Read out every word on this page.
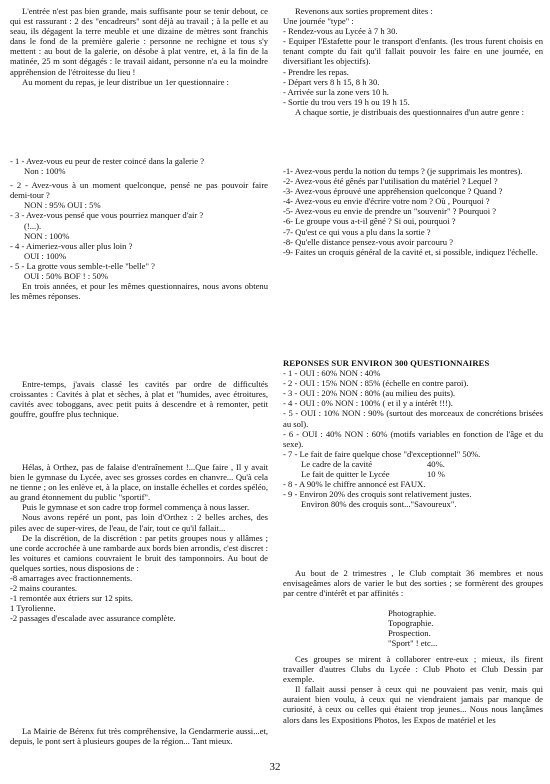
L'entrée n'est pas bien grande, mais suffisante pour se tenir debout, ce qui est rassurant : 2 des "encadreurs" sont déjà au travail ; à la pelle et au seau, ils dégagent la terre meuble et une dizaine de mètres sont franchis dans le fond de la première galerie : personne ne rechigne et tous s'y mettent : au bout de la galerie, on désobe à plat ventre, et, à la fin de la matinée, 25 m sont dégagés : le travail aidant, personne n'a eu la moindre appréhension de l'étroitesse du lieu !

Au moment du repas, je leur distribue un 1er questionnaire :

- 1 - Avez-vous eu peur de rester coincé dans la galerie ?

Non : 100%

- 2 - Avez-vous à un moment quelconque, pensé ne pas pouvoir faire demi-tour ?

NON : 95% OUI : 5%

- 3 - Avez-vous pensé que vous pourriez manquer d'air ?

(!...).

NON : 100%

- 4 - Aimeriez-vous aller plus loin ?

OUI : 100%

- 5 - La grotte vous semble-t-elle "belle" ?

OUI : 50% BOF ! : 50%

En trois années, et pour les mêmes questionnaires, nous avons obtenu les mêmes réponses.

Entre-temps, j'avais classé les cavités par ordre de difficultés croissantes : Cavités à plat et sèches, à plat et "humides, avec étroitures, cavités avec toboggans, avec petit puits à descendre et à remonter, petit gouffre, gouffre plus technique.

Hélas, à Orthez, pas de falaise d'entraînement !...Que faire , Il y avait bien le gymnase du Lycée, avec ses grosses cordes en chanvre... Qu'à cela ne tienne ; on les enlève et, à la place, on installe échelles et cordes spéléo, au grand étonnement du public "sportif".

Puis le gymnase et son cadre trop formel commença à nous lasser.

Nous avons repéré un pont, pas loin d'Orthez : 2 belles arches, des piles avec de super-vires, de l'eau, de l'air, tout ce qu'il fallait...

De la discrétion, de la discrétion : par petits groupes nous y allâmes ; une corde accrochée à une rambarde aux bords bien arrondis, c'est discret : les voitures et camions couvraient le bruit des tamponnoirs. Au bout de quelques sorties, nous disposions de :

-8 amarrages avec fractionnements.

-2 mains courantes.

-1 remontée aux étriers sur 12 spits.

1 Tyrolienne.

-2 passages d'escalade avec assurance complète.

La Mairie de Bérenx fut très compréhensive, la Gendarmerie aussi...et, depuis, le pont sert à plusieurs goupes de la région... Tant mieux.

Revenons aux sorties proprement dites :

Une journée "type" :

- Rendez-vous au Lycée à 7 h 30.

- Equiper l'Estafette pour le transport d'enfants. (les trous furent choisis en tenant compte du fait qu'il fallait pouvoir les faire en une journée, en diversifiant les objectifs).

- Prendre les repas.

- Départ vers 8 h 15, 8 h 30.

- Arrivée sur la zone vers 10 h.

- Sortie du trou vers 19 h ou 19 h 15.

A chaque sortie, je distribuais des questionnaires d'un autre genre :

-1- Avez-vous perdu la notion du temps ? (je supprimais les montres).

-2- Avez-vous été gênés par l'utilisation du matériel ? Lequel ?

-3- Avez-vous éprouvé une appréhension quelconque ? Quand ?

-4- Avez-vous eu envie d'écrire votre nom ? Où , Pourquoi ?

-5- Avez-vous eu envie de prendre un "souvenir" ? Pourquoi ?

-6- Le groupe vous a-t-il gêné ? Si oui, pourquoi ?

-7- Qu'est ce qui vous a plu dans la sortie ?

-8- Qu'elle distance pensez-vous avoir parcouru ?

-9- Faites un croquis général de la cavité et, si possible, indiquez l'échelle.

REPONSES SUR ENVIRON 300 QUESTIONNAIRES

- 1 - OUI : 60% NON : 40%

- 2 - OUI : 15% NON : 85% (échelle en contre paroi).

- 3 - OUI : 20% NON : 80% (au milieu des puits).

- 4 - OUI : 0% NON : 100% ( et il y a intérêt !!!).

- 5 - OUI : 10% NON : 90% (surtout des morceaux de concrétions brisées au sol).

- 6 - OUI : 40% NON : 60% (motifs variables en fonction de l'âge et du sexe).

- 7 - Le fait de faire quelque chose "d'exceptionnel" 50%.

Le cadre de la cavité	40%.
Le fait de quitter le Lycée	10 %

- 8 - A 90% le chiffre annoncé est FAUX.

- 9 - Environ 20% des croquis sont relativement justes.

Environ 80% des croquis sont..."Savoureux".

Au bout de 2 trimestres , le Club comptait 36 membres et nous envisageâmes alors de varier le but des sorties ; se formèrent des groupes par centre d'intérêt et par affinités :

Photographie.

Topographie.

Prospection.

"Sport" ! etc...

Ces groupes se mirent à collaborer entre-eux ; mieux, ils firent travailler d'autres Clubs du Lycée : Club Photo et Club Dessin par exemple.

Il fallait aussi penser à ceux qui ne pouvaient pas venir, mais qui auraient bien voulu, à ceux qui ne viendraient jamais par manque de curiosité, à ceux ou celles qui étaient trop jeunes... Nous nous lançâmes alors dans les Expositions Photos, les Expos de matériel et les

32
